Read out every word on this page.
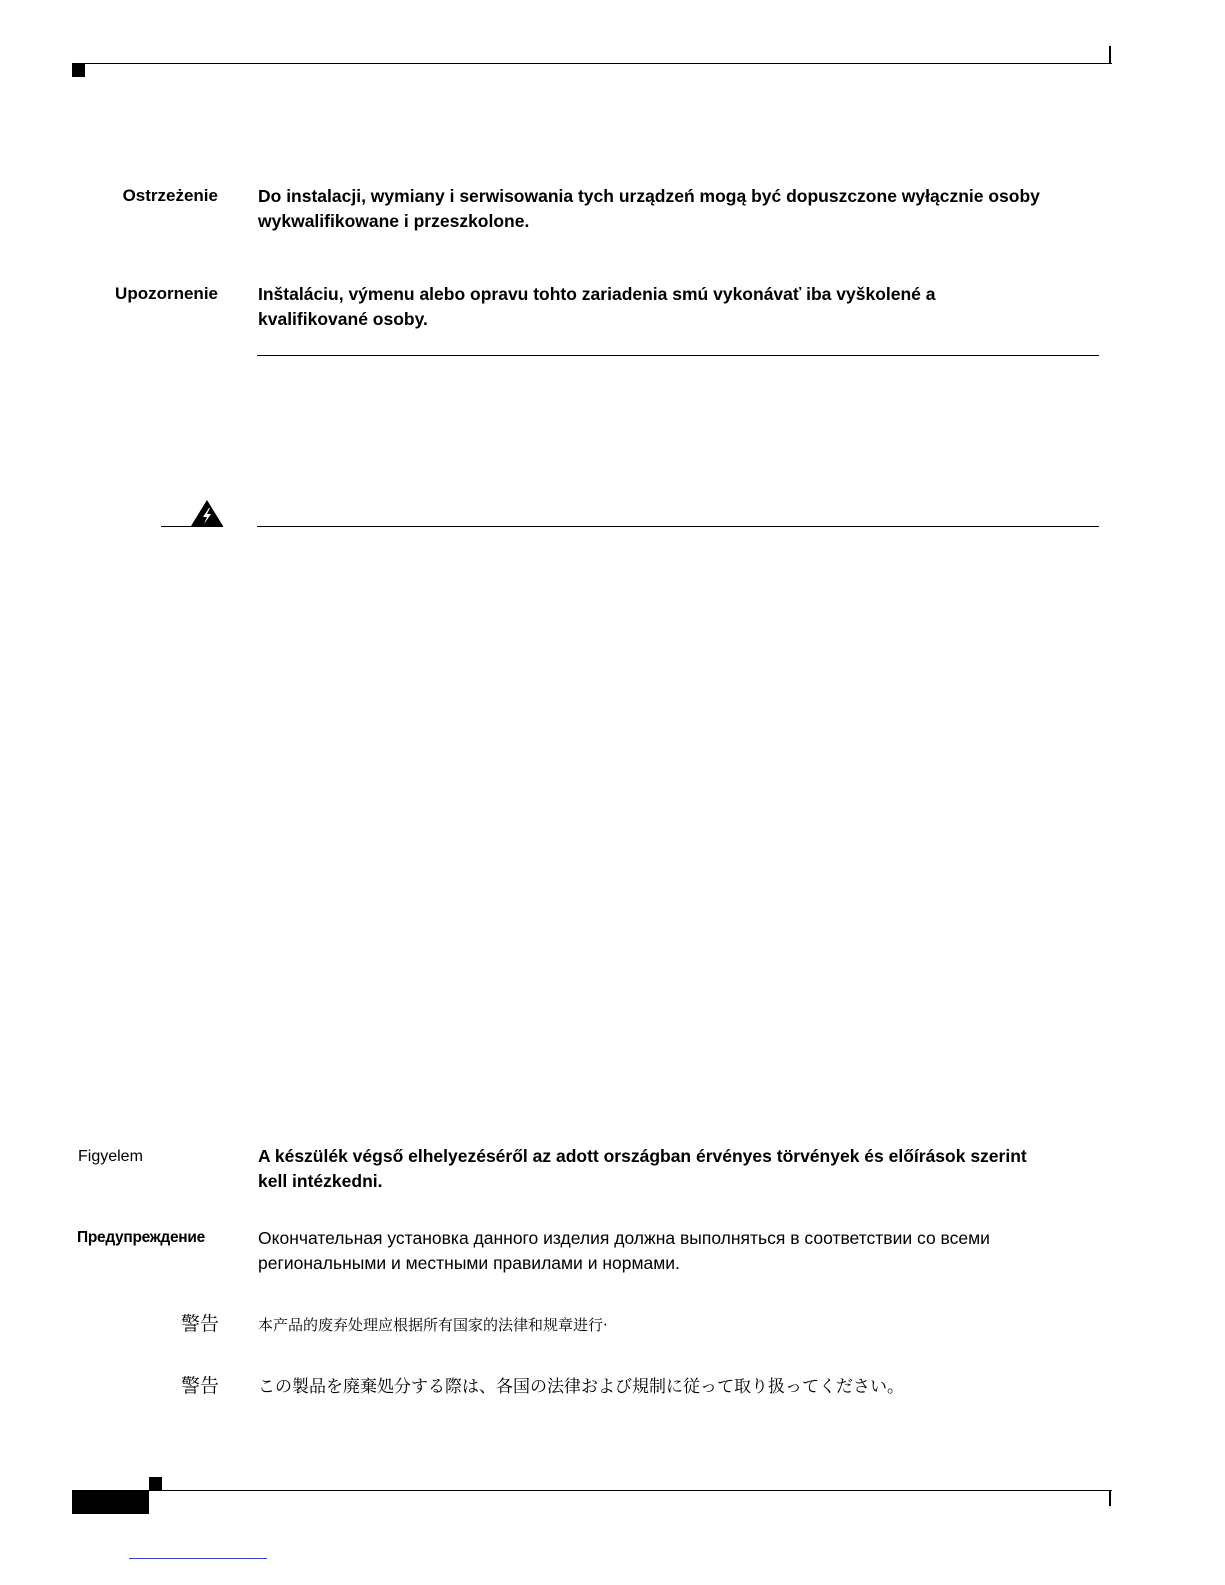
Ostrzeżenie Do instalacji, wymiany i serwisowania tych urządzeń mogą być dopuszczone wyłącznie osoby wykwalifikowane i przeszkolone.
Upozornenie Inštaláciu, výmenu alebo opravu tohto zariadenia smú vykonávať iba vyškolené a kvalifikované osoby.
Figyelem	A készülék végső elhelyezéséről az adott országban érvényes törvények és előírások szerint kell intézkedni.
Предупреждение	Окончательная установка данного изделия должна выполняться в соответствии со всеми региональными и местными правилами и нормами.
警告	本产品的废弃处理应根据所有国家的法律和规章进行·
警告 この製品を廃棄処分する際は、各国の法律および規制に従って取り扱ってください。
